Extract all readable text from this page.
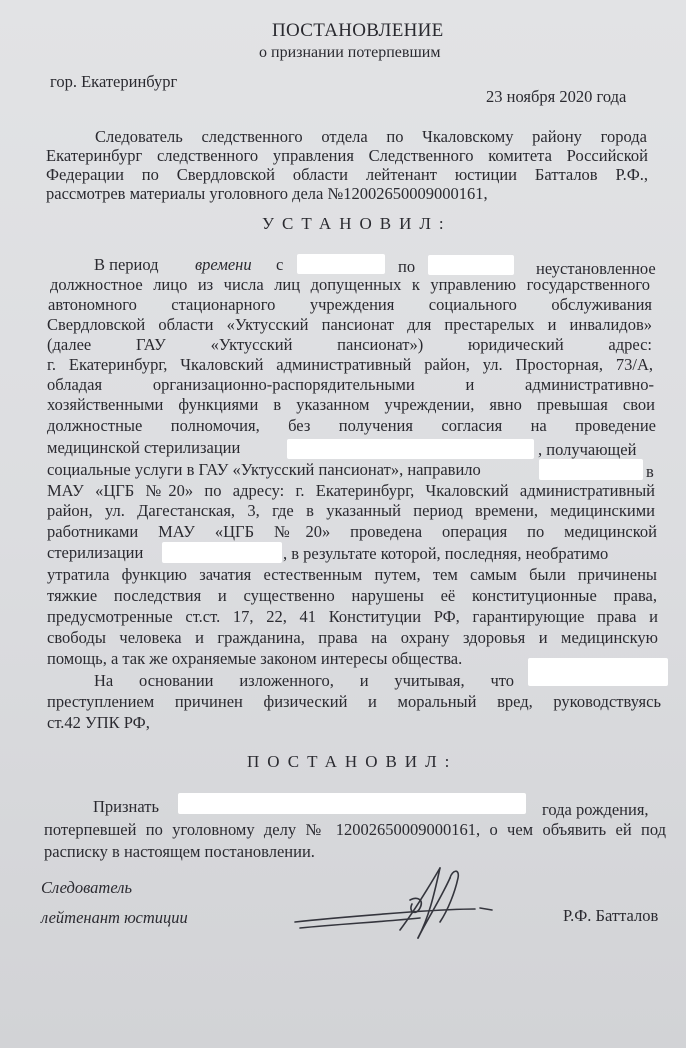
ПОСТАНОВЛЕНИЕ
о признании потерпевшим
гор. Екатеринбург
23 ноября 2020 года
Следователь следственного отдела по Чкаловскому району города
Екатеринбург следственного управления Следственного комитета Российской
Федерации по Свердловской области лейтенант юстиции Батталов Р.Ф.,
рассмотрев материалы уголовного дела №12002650009000161,
УСТАНОВИЛ:
В период времени с	по	неустановленное
должностное лицо из числа лиц допущенных к управлению государственного
автономного стационарного учреждения социального обслуживания
Свердловской области «Уктусский пансионат для престарелых и инвалидов»
(далее ГАУ «Уктусский пансионат») юридический адрес:
г. Екатеринбург, Чкаловский административный район, ул. Просторная, 73/А,
обладая организационно-распорядительными и административно-
хозяйственными функциями в указанном учреждении, явно превышая свои
должностные полномочия, без получения согласия на проведение
медицинской стерилизации	, получающей
социальные услуги в ГАУ «Уктусский пансионат», направило	в
МАУ «ЦГБ №20» по адресу: г. Екатеринбург, Чкаловский административный
район, ул. Дагестанская, 3, где в указанный период времени, медицинскими
работниками МАУ «ЦГБ №20» проведена операция по медицинской
стерилизации	, в результате которой, последняя, необратимо
утратила функцию зачатия естественным путем, тем самым были причинены
тяжкие последствия и существенно нарушены её конституционные права,
предусмотренные ст.ст. 17, 22, 41 Конституции РФ, гарантирующие права и
свободы человека и гражданина, права на охрану здоровья и медицинскую
помощь, а так же охраняемые законом интересы общества.
На основании изложенного, и учитывая, что
преступлением причинен физический и моральный вред, руководствуясь
ст.42 УПК РФ,
ПОСТАНОВИЛ:
Признать	года рождения,
потерпевшей по уголовному делу № 12002650009000161, о чем объявить ей под
расписку в настоящем постановлении.
Следователь
лейтенант юстиции	Р.Ф. Батталов
